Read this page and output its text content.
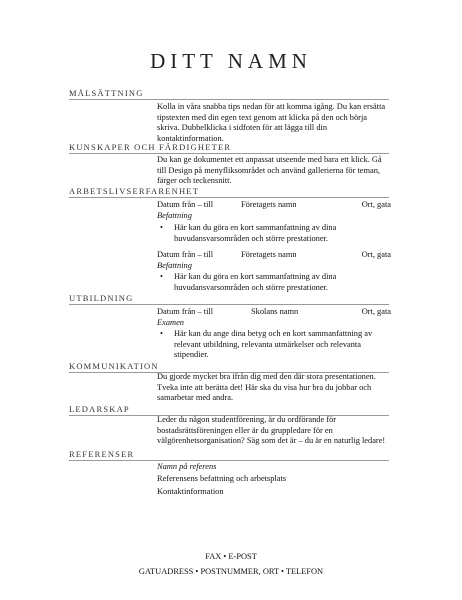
DITT NAMN
MÅLSÄTTNING
Kolla in våra snabba tips nedan för att komma igång. Du kan ersätta tipstexten med din egen text genom att klicka på den och börja skriva. Dubbelklicka i sidfoten för att lägga till din kontaktinformation.
KUNSKAPER OCH FÄRDIGHETER
Du kan ge dokumentet ett anpassat utseende med bara ett klick. Gå till Design på menyfliksområdet och använd gallerierna för teman, färger och teckensnitt.
ARBETSLIVSERFARENHET
Datum från – till	Företagets namn	Ort, gata
Befattning
• Här kan du göra en kort sammanfattning av dina huvudansvarsområden och större prestationer.
Datum från – till	Företagets namn	Ort, gata
Befattning
• Här kan du göra en kort sammanfattning av dina huvudansvarsområden och större prestationer.
UTBILDNING
Datum från – till	Skolans namn	Ort, gata
Examen
• Här kan du ange dina betyg och en kort sammanfattning av relevant utbildning, relevanta utmärkelser och relevanta stipendier.
KOMMUNIKATION
Du gjorde mycket bra ifrån dig med den där stora presentationen. Tveka inte att berätta det! Här ska du visa hur bra du jobbar och samarbetar med andra.
LEDARSKAP
Leder du någon studentförening, är du ordförande för bostadsrättsföreningen eller är du gruppledare för en välgörenhetsorganisation? Säg som det är – du är en naturlig ledare!
REFERENSER
Namn på referens
Referensens befattning och arbetsplats
Kontaktinformation
FAX • E-POST
GATUADRESS • POSTNUMMER, ORT • TELEFON
